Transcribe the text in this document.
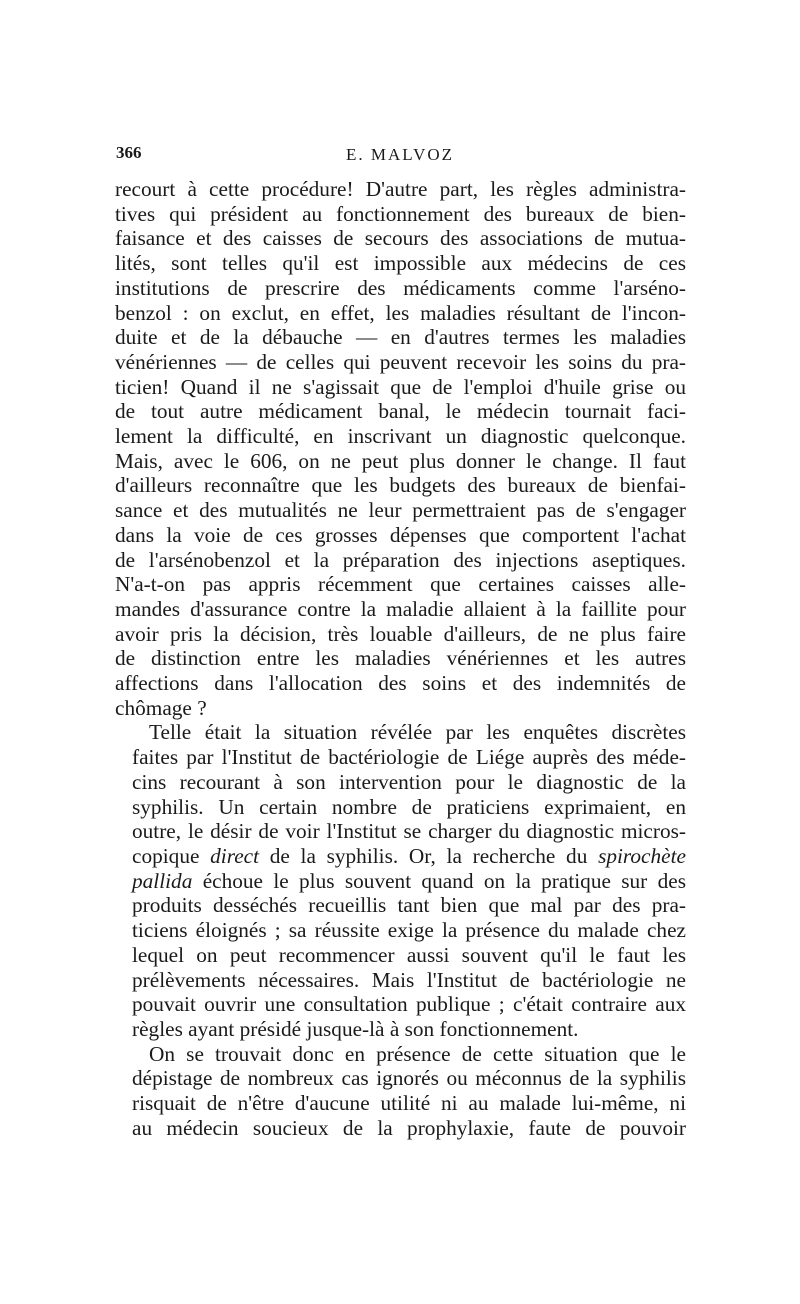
366	E. MALVOZ

recourt à cette procédure! D'autre part, les règles administra-
tives qui président au fonctionnement des bureaux de bien-
faisance et des caisses de secours des associations de mutua-
lités, sont telles qu'il est impossible aux médecins de ces
institutions de prescrire des médicaments comme l'arséno-
benzol : on exclut, en effet, les maladies résultant de l'incon-
duite et de la débauche — en d'autres termes les maladies
vénériennes — de celles qui peuvent recevoir les soins du pra-
ticien! Quand il ne s'agissait que de l'emploi d'huile grise ou
de tout autre médicament banal, le médecin tournait faci-
lement la difficulté, en inscrivant un diagnostic quelconque.
Mais, avec le 606, on ne peut plus donner le change. Il faut
d'ailleurs reconnaître que les budgets des bureaux de bienfai-
sance et des mutualités ne leur permettraient pas de s'engager
dans la voie de ces grosses dépenses que comportent l'achat
de l'arsénobenzol et la préparation des injections aseptiques.
N'a-t-on pas appris récemment que certaines caisses alle-
mandes d'assurance contre la maladie allaient à la faillite pour
avoir pris la décision, très louable d'ailleurs, de ne plus faire
de distinction entre les maladies vénériennes et les autres
affections dans l'allocation des soins et des indemnités de
chômage ?

Telle était la situation révélée par les enquêtes discrètes
faites par l'Institut de bactériologie de Liége auprès des méde-
cins recourant à son intervention pour le diagnostic de la
syphilis. Un certain nombre de praticiens exprimaient, en
outre, le désir de voir l'Institut se charger du diagnostic micros-
copique direct de la syphilis. Or, la recherche du spirochète
pallida échoue le plus souvent quand on la pratique sur des
produits desséchés recueillis tant bien que mal par des pra-
ticiens éloignés ; sa réussite exige la présence du malade chez
lequel on peut recommencer aussi souvent qu'il le faut les
prélèvements nécessaires. Mais l'Institut de bactériologie ne
pouvait ouvrir une consultation publique ; c'était contraire aux
règles ayant présidé jusque-là à son fonctionnement.

On se trouvait donc en présence de cette situation que le
dépistage de nombreux cas ignorés ou méconnus de la syphilis
risquait de n'être d'aucune utilité ni au malade lui-même, ni
au médecin soucieux de la prophylaxie, faute de pouvoir
